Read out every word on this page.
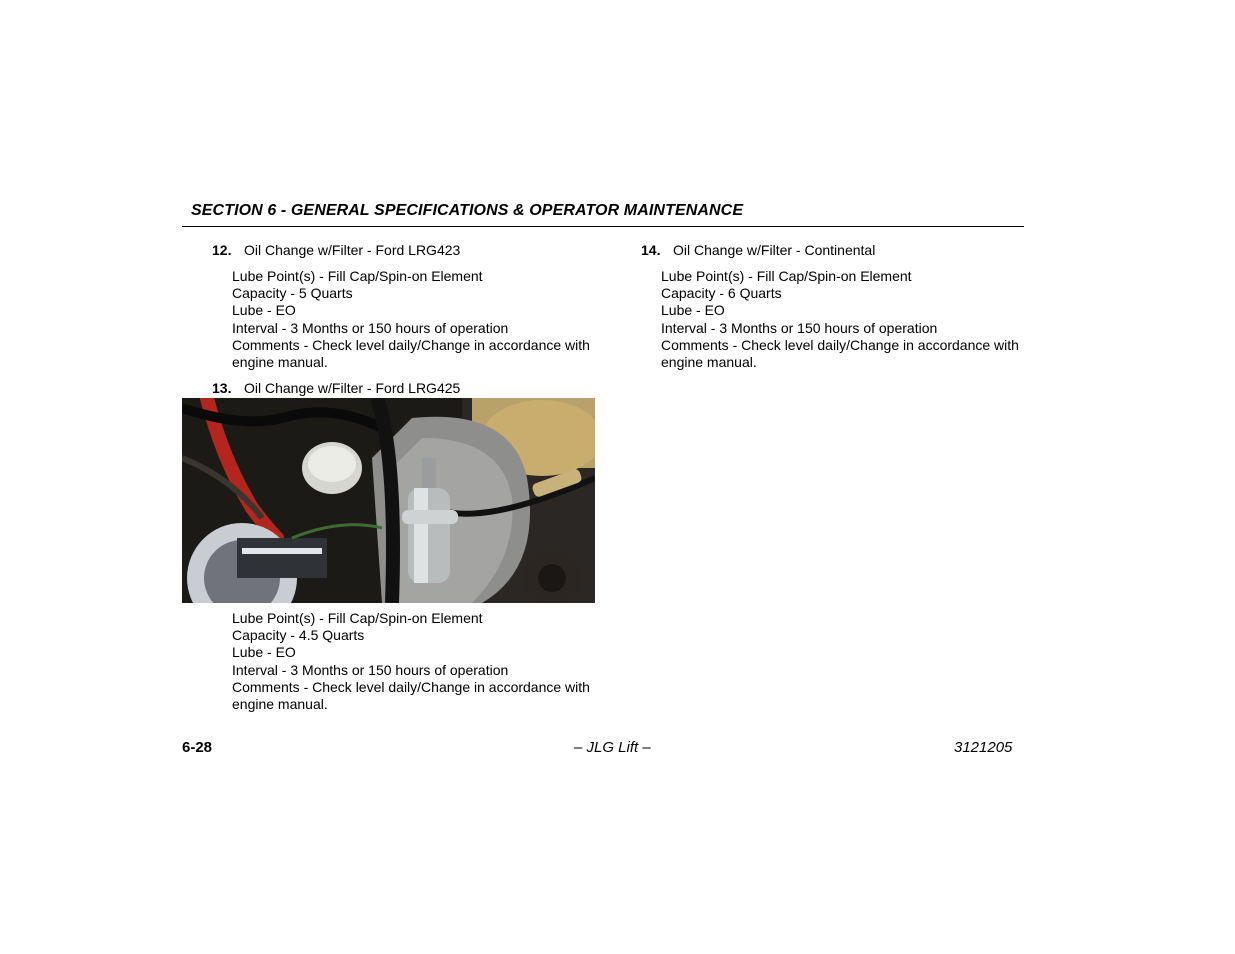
SECTION 6 - GENERAL SPECIFICATIONS & OPERATOR MAINTENANCE
12. Oil Change w/Filter - Ford LRG423
Lube Point(s) - Fill Cap/Spin-on Element
Capacity - 5 Quarts
Lube - EO
Interval - 3 Months or 150 hours of operation
Comments - Check level daily/Change in accordance with
engine manual.
13. Oil Change w/Filter - Ford LRG425
Lube Point(s) - Fill Cap/Spin-on Element
Capacity - 4.5 Quarts
Lube - EO
Interval - 3 Months or 150 hours of operation
Comments - Check level daily/Change in accordance with
engine manual.
14. Oil Change w/Filter - Continental
Lube Point(s) - Fill Cap/Spin-on Element
Capacity - 6 Quarts
Lube - EO
Interval - 3 Months or 150 hours of operation
Comments - Check level daily/Change in accordance with
engine manual.
6-28	– JLG Lift –	3121205
